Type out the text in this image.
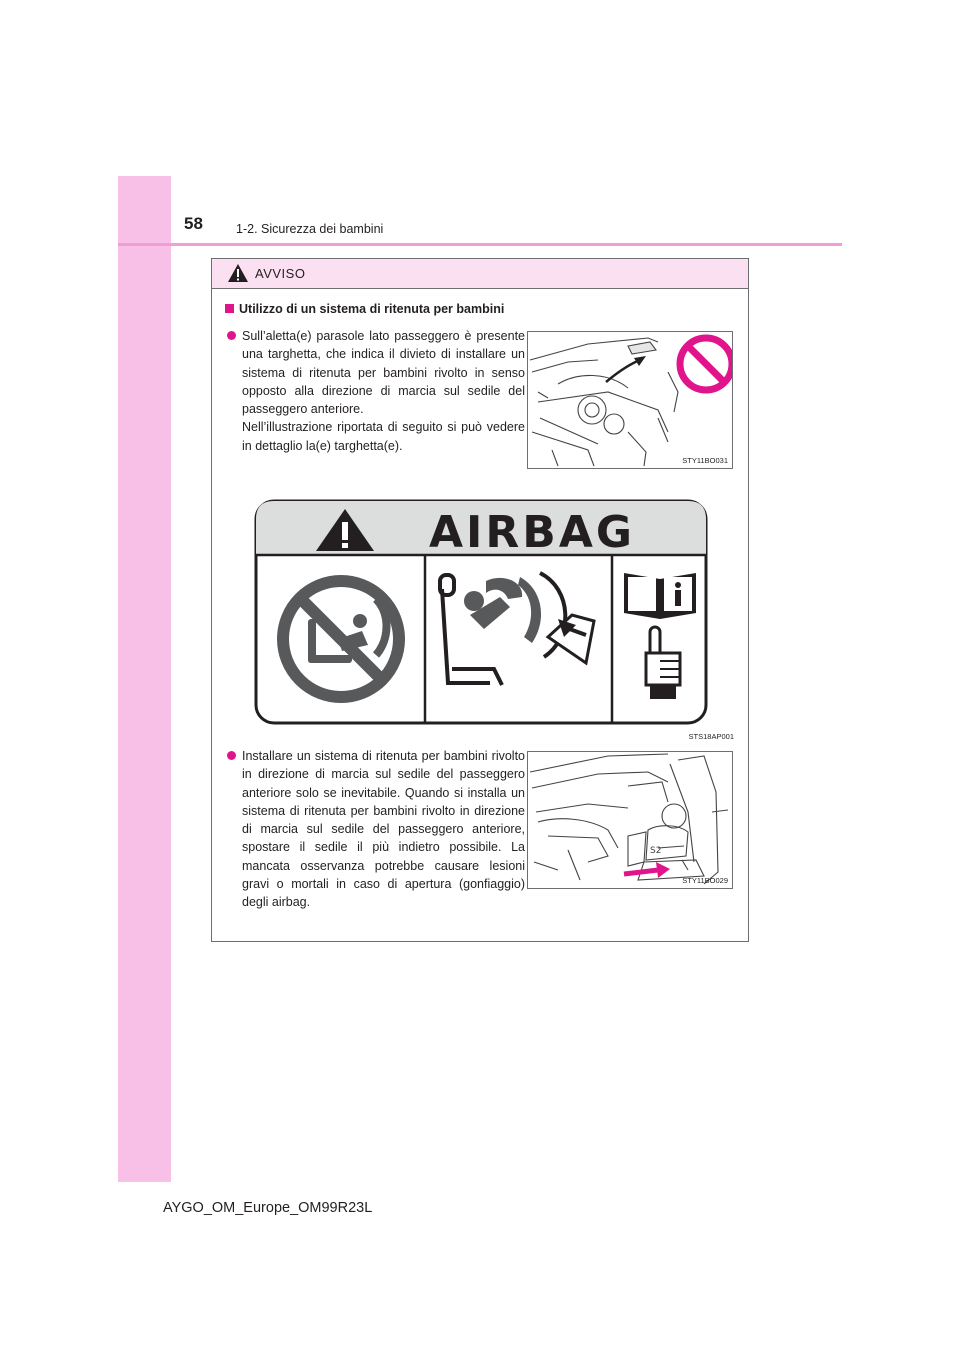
58	1-2. Sicurezza dei bambini
AVVISO
Utilizzo di un sistema di ritenuta per bambini
Sull’aletta(e) parasole lato passeggero è presente una targhetta, che indica il divieto di installare un sistema di ritenuta per bambini rivolto in senso opposto alla direzione di marcia sul sedile del passeggero anteriore.
Nell’illustrazione riportata di seguito si può vedere in dettaglio la(e) targhetta(e).
STY11BO031
AIRBAG
STS18AP001
Installare un sistema di ritenuta per bambini rivolto in direzione di marcia sul sedile del passeggero anteriore solo se inevitabile. Quando si installa un sistema di ritenuta per bambini rivolto in direzione di marcia sul sedile del passeggero anteriore, spostare il sedile il più indietro possibile. La mancata osservanza potrebbe causare lesioni gravi o mortali in caso di apertura (gonfiaggio) degli airbag.
S2
STY11BO029
AYGO_OM_Europe_OM99R23L
